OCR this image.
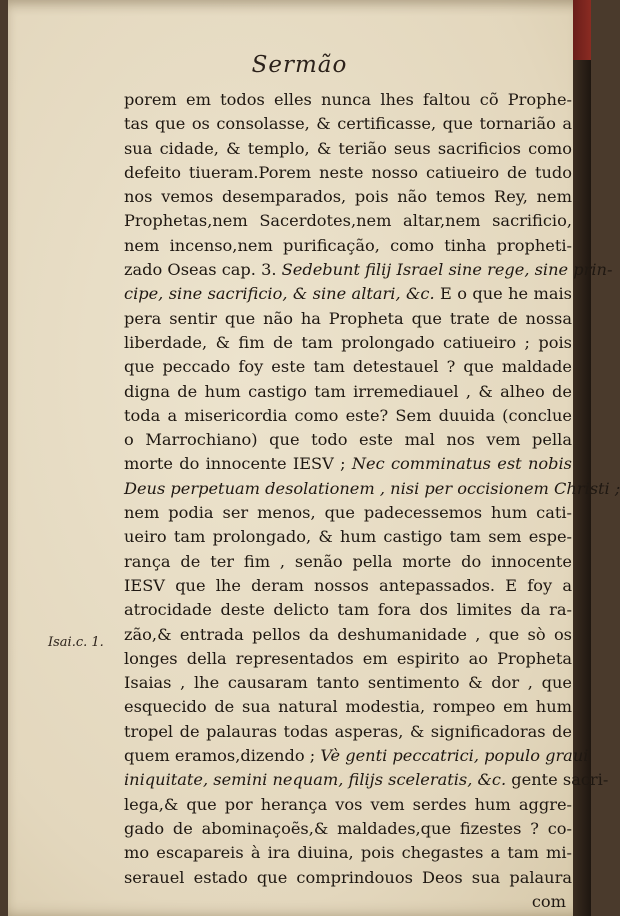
Sermão
Isai.c. 1.
porem em todos elles nunca lhes faltou cõ Prophe-
tas que os consolasse, & certificasse, que tornarião a
sua cidade, & templo, & terião seus sacrificios como
defeito tiueram.Porem neste nosso catiueiro de tudo
nos vemos desemparados, pois não temos Rey, nem
Prophetas,nem Sacerdotes,nem altar,nem sacrificio,
nem incenso,nem purificação, como tinha propheti-
zado Oseas cap. 3. Sedebunt filij Israel sine rege, sine prin-
cipe, sine sacrificio, & sine altari, &c. E o que he mais
pera sentir que não ha Propheta que trate de nossa
liberdade, & fim de tam prolongado catiueiro ; pois
que peccado foy este tam detestauel ? que maldade
digna de hum castigo tam irremediauel , & alheo de
toda a misericordia como este? Sem duuida (conclue
o Marrochiano) que todo este mal nos vem pella
morte do innocente IESV ; Nec comminatus est nobis
Deus perpetuam desolationem , nisi per occisionem Christi ;
nem podia ser menos, que padecessemos hum cati-
ueiro tam prolongado, & hum castigo tam sem espe-
rança de ter fim , senão pella morte do innocente
IESV que lhe deram nossos antepassados. E foy a
atrocidade deste delicto tam fora dos limites da ra-
zão,& entrada pellos da deshumanidade , que sò os
longes della representados em espirito ao Propheta
Isaias , lhe causaram tanto sentimento & dor , que
esquecido de sua natural modestia, rompeo em hum
tropel de palauras todas asperas, & significadoras de
quem eramos,dizendo ; Vè genti peccatrici, populo graui
iniquitate, semini nequam, filijs sceleratis, &c. gente sacri-
lega,& que por herança vos vem serdes hum aggre-
gado de abominaçoẽs,& maldades,que fizestes ? co-
mo escapareis à ira diuina, pois chegastes a tam mi-
serauel estado que comprindouos Deos sua palaura
com
